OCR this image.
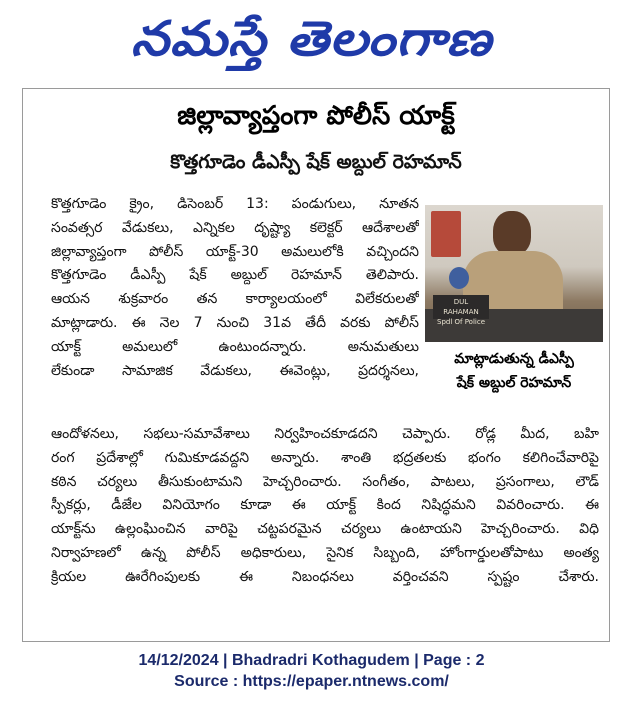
నమస్తే తెలంగాణ
జిల్లావ్యాప్తంగా పోలీస్ యాక్ట్
కొత్తగూడెం డీఎస్పీ షేక్ అబ్దుల్ రెహమాన్
కొత్తగూడెం క్రైం, డిసెంబర్ 13: పండుగులు, నూతన
సంవత్సర వేడుకలు, ఎన్నికల దృష్ట్యా కలెక్టర్ ఆదేశాలతో
జిల్లావ్యాప్తంగా పోలీస్ యాక్ట్-30 అమలులోకి వచ్చిందని
కొత్తగూడెం డీఎస్పీ షేక్ అబ్దుల్ రెహమాన్ తెలిపారు.
ఆయన శుక్రవారం తన కార్యాలయంలో విలేకరులతో
మాట్లాడారు. ఈ నెల 7 నుంచి 31వ తేదీ వరకు పోలీస్
యాక్ట్ అమలులో ఉంటుందన్నారు. అనుమతులు
లేకుండా సామాజిక వేడుకలు, ఈవెంట్లు, ప్రదర్శనలు,
DUL RAHAMAN
Spdl Of Police
మాట్లాడుతున్న డీఎస్పీ
షేక్ అబ్దుల్ రెహమాన్
ఆందోళనలు, సభలు-సమావేశాలు నిర్వహించకూడదని చెప్పారు. రోడ్ల మీద, బహి
రంగ ప్రదేశాల్లో గుమికూడవద్దని అన్నారు. శాంతి భద్రతలకు భంగం కలిగించేవారిపై
కఠిన చర్యలు తీసుకుంటామని హెచ్చరించారు. సంగీతం, పాటలు, ప్రసంగాలు, లౌడ్
స్పీకర్లు, డీజేల వినియోగం కూడా ఈ యాక్ట్ కింద నిషిద్ధమని వివరించారు. ఈ
యాక్ట్‌ను ఉల్లంఘించిన వారిపై చట్టపరమైన చర్యలు ఉంటాయని హెచ్చరించారు. విధి
నిర్వాహణలో ఉన్న పోలీస్ అధికారులు, సైనిక సిబ్బంది, హోంగార్డులతోపాటు అంత్య
క్రియల ఊరేగింపులకు ఈ నిబంధనలు వర్తించవని స్పష్టం చేశారు.
14/12/2024 | Bhadradri Kothagudem | Page : 2
Source : https://epaper.ntnews.com/
